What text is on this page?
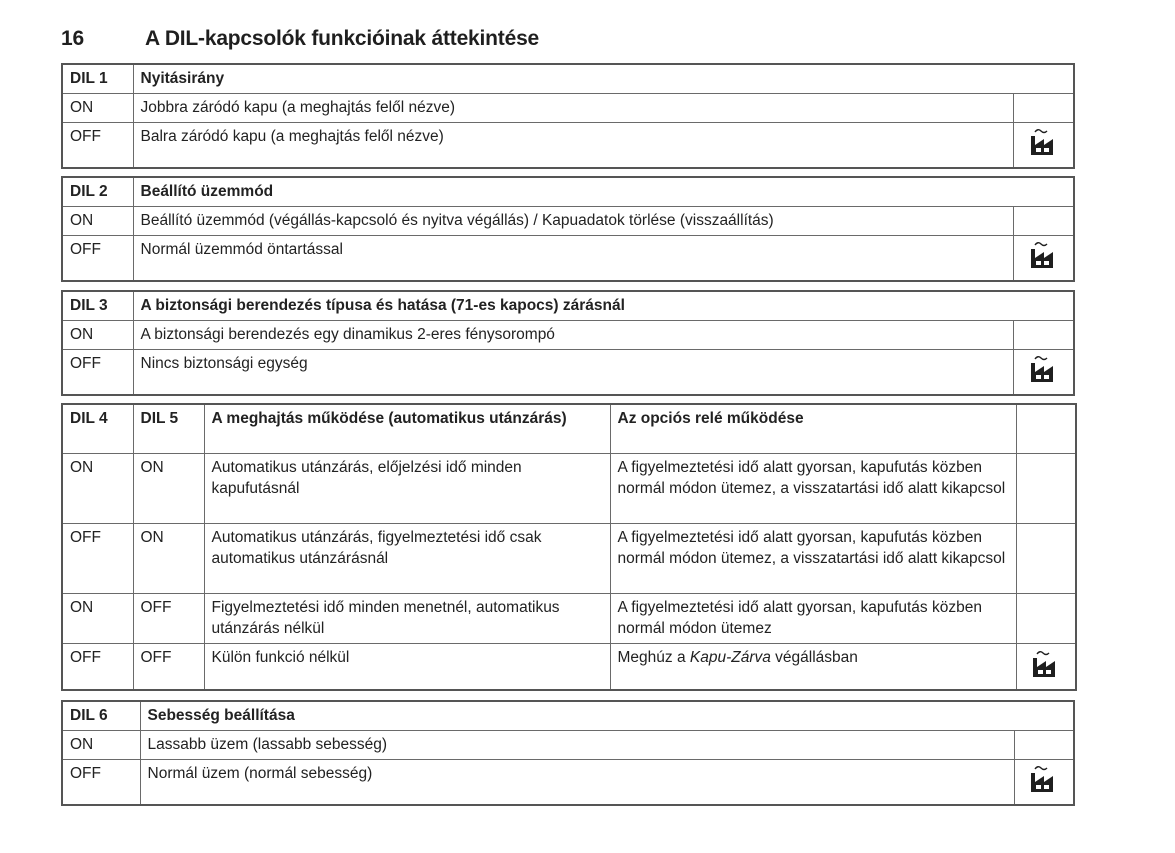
16	A DIL-kapcsolók funkcióinak áttekintése
DIL 1	Nyitásirány	
ON	Jobbra záródó kapu (a meghajtás felől nézve)	
OFF	Balra záródó kapu (a meghajtás felől nézve)	
DIL 2	Beállító üzemmód	
ON	Beállító üzemmód (végállás-kapcsoló és nyitva végállás) / Kapuadatok törlése (visszaállítás)	
OFF	Normál üzemmód öntartással	
DIL 3	A biztonsági berendezés típusa és hatása (71-es kapocs) zárásnál	
ON	A biztonsági berendezés egy dinamikus 2-eres fénysorompó	
OFF	Nincs biztonsági egység	
DIL 4	DIL 5	A meghajtás működése (automatikus utánzárás)	Az opciós relé működése	
ON	ON	Automatikus utánzárás, előjelzési idő minden kapufutásnál	A figyelmeztetési idő alatt gyorsan, kapufutás közben normál módon ütemez, a visszatartási idő alatt kikapcsol	
OFF	ON	Automatikus utánzárás, figyelmeztetési idő csak automatikus utánzárásnál	A figyelmeztetési idő alatt gyorsan, kapufutás közben normál módon ütemez, a visszatartási idő alatt kikapcsol	
ON	OFF	Figyelmeztetési idő minden menetnél, automatikus utánzárás nélkül	A figyelmeztetési idő alatt gyorsan, kapufutás közben normál módon ütemez	
OFF	OFF	Külön funkció nélkül	Meghúz a Kapu-Zárva végállásban	
DIL 6	Sebesség beállítása	
ON	Lassabb üzem (lassabb sebesség)	
OFF	Normál üzem (normál sebesség)	
